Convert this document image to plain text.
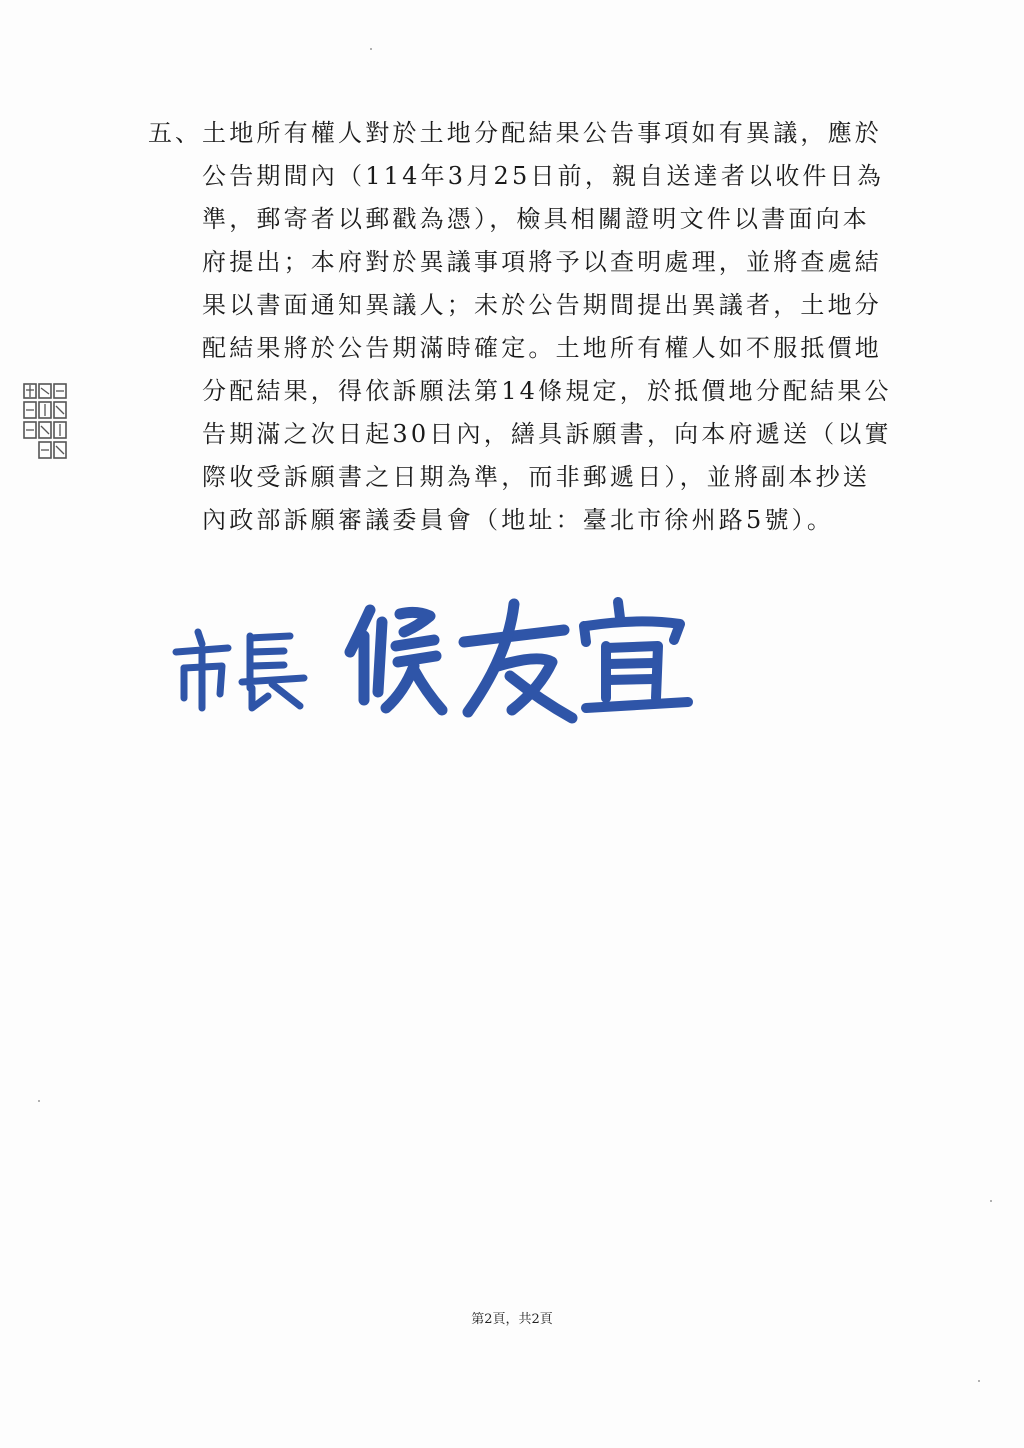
五、 土地所有權人對於土地分配結果公告事項如有異議，應於
公告期間內（114年3月25日前，親自送達者以收件日為
準，郵寄者以郵戳為憑），檢具相關證明文件以書面向本
府提出；本府對於異議事項將予以查明處理，並將查處結
果以書面通知異議人；未於公告期間提出異議者，土地分
配結果將於公告期滿時確定。土地所有權人如不服抵價地
分配結果，得依訴願法第14條規定，於抵價地分配結果公
告期滿之次日起30日內，繕具訴願書，向本府遞送（以實
際收受訴願書之日期為準，而非郵遞日），並將副本抄送
內政部訴願審議委員會（地址：臺北市徐州路5號）。
第2頁，共2頁
